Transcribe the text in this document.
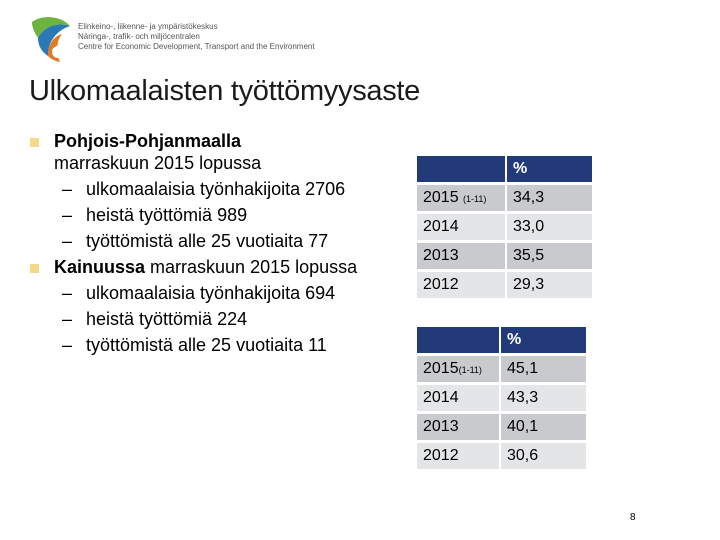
Elinkeino-, liikenne- ja ympäristökeskus
Näringa-, trafik- och miljöcentralen
Centre for Economic Development, Transport and the Environment
Ulkomaalaisten työttömyysaste
Pohjois-Pohjanmaalla
marraskuun 2015 lopussa
– ulkomaalaisia työnhakijoita 2706
– heistä työttömiä 989
– työttömistä alle 25 vuotiaita 77
Kainuussa marraskuun 2015 lopussa
– ulkomaalaisia työnhakijoita 694
– heistä työttömiä 224
– työttömistä alle 25 vuotiaita 11
	%
2015 (1-11)	34,3
2014	33,0
2013	35,5
2012	29,3
	%
2015(1-11)	45,1
2014	43,3
2013	40,1
2012	30,6
8
